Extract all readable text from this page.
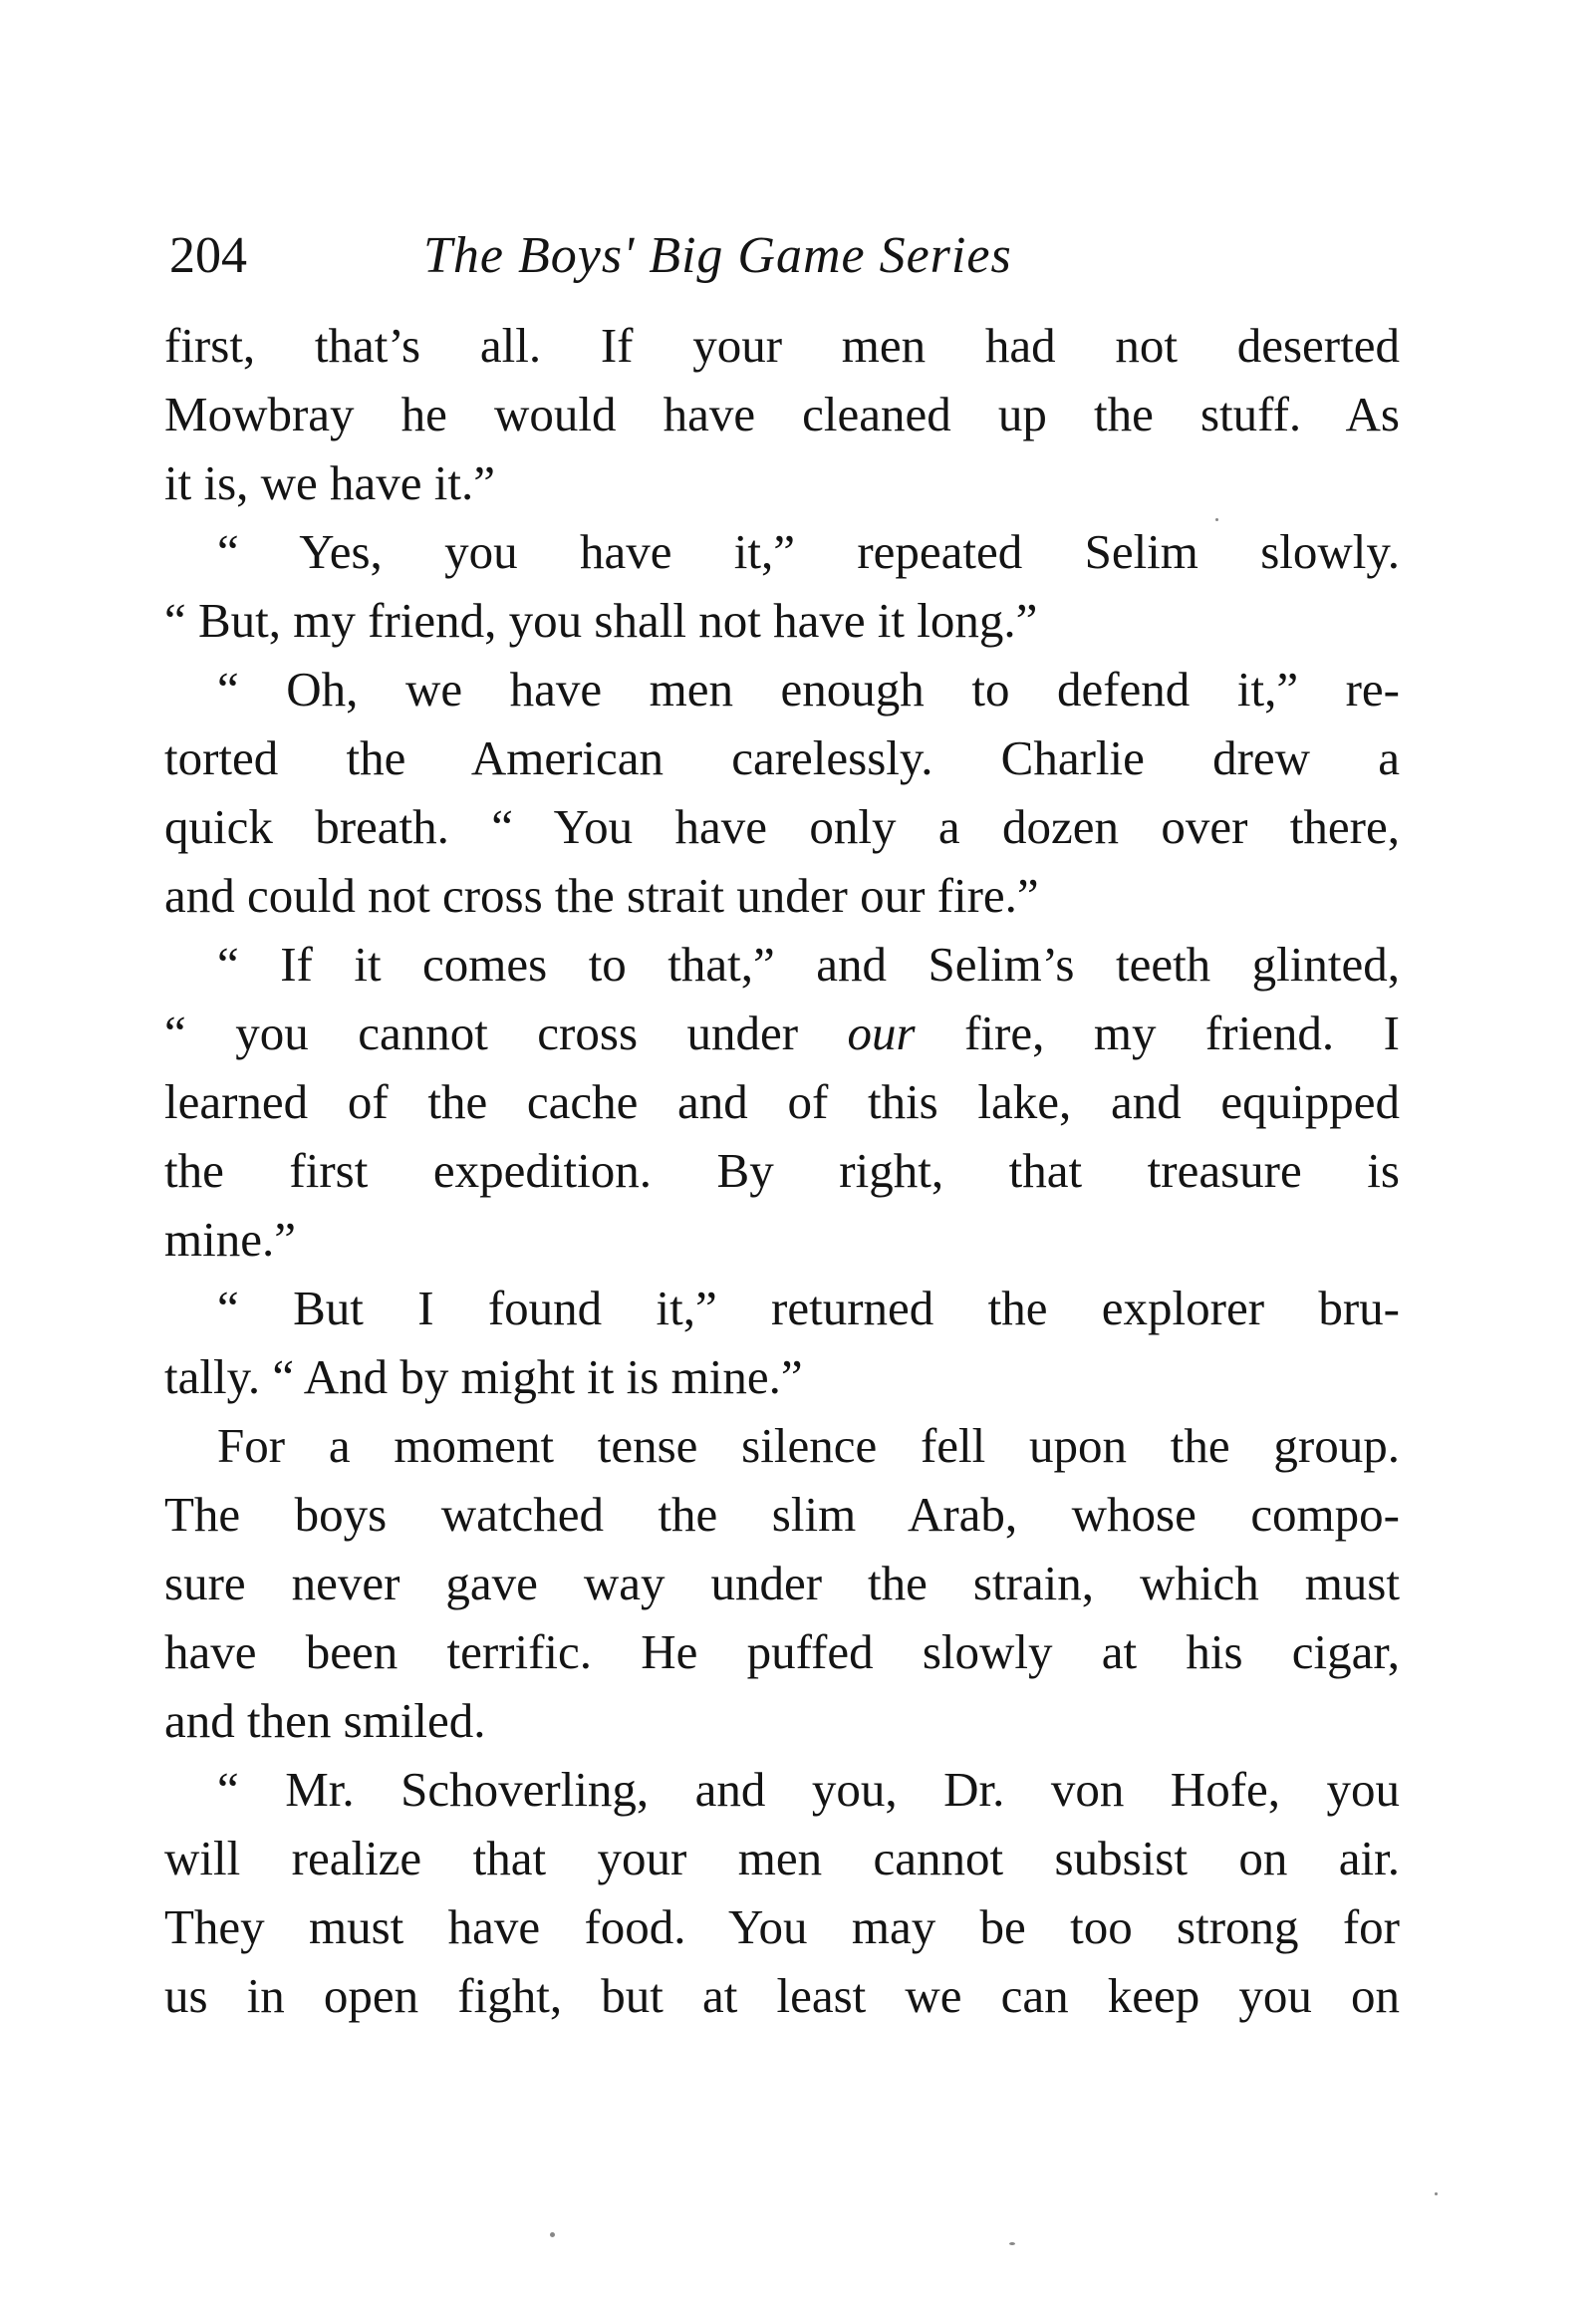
204	The Boys' Big Game Series
first, that’s all. If your men had not deserted
Mowbray he would have cleaned up the stuff. As
it is, we have it.”
“ Yes, you have it,” repeated Selim slowly.
“ But, my friend, you shall not have it long.”
“ Oh, we have men enough to defend it,” re-
torted the American carelessly. Charlie drew a
quick breath. “ You have only a dozen over there,
and could not cross the strait under our fire.”
“ If it comes to that,” and Selim’s teeth glinted,
“ you cannot cross under our fire, my friend. I
learned of the cache and of this lake, and equipped
the first expedition. By right, that treasure is
mine.”
“ But I found it,” returned the explorer bru-
tally. “ And by might it is mine.”
For a moment tense silence fell upon the group.
The boys watched the slim Arab, whose compo-
sure never gave way under the strain, which must
have been terrific. He puffed slowly at his cigar,
and then smiled.
“ Mr. Schoverling, and you, Dr. von Hofe, you
will realize that your men cannot subsist on air.
They must have food. You may be too strong for
us in open fight, but at least we can keep you on
